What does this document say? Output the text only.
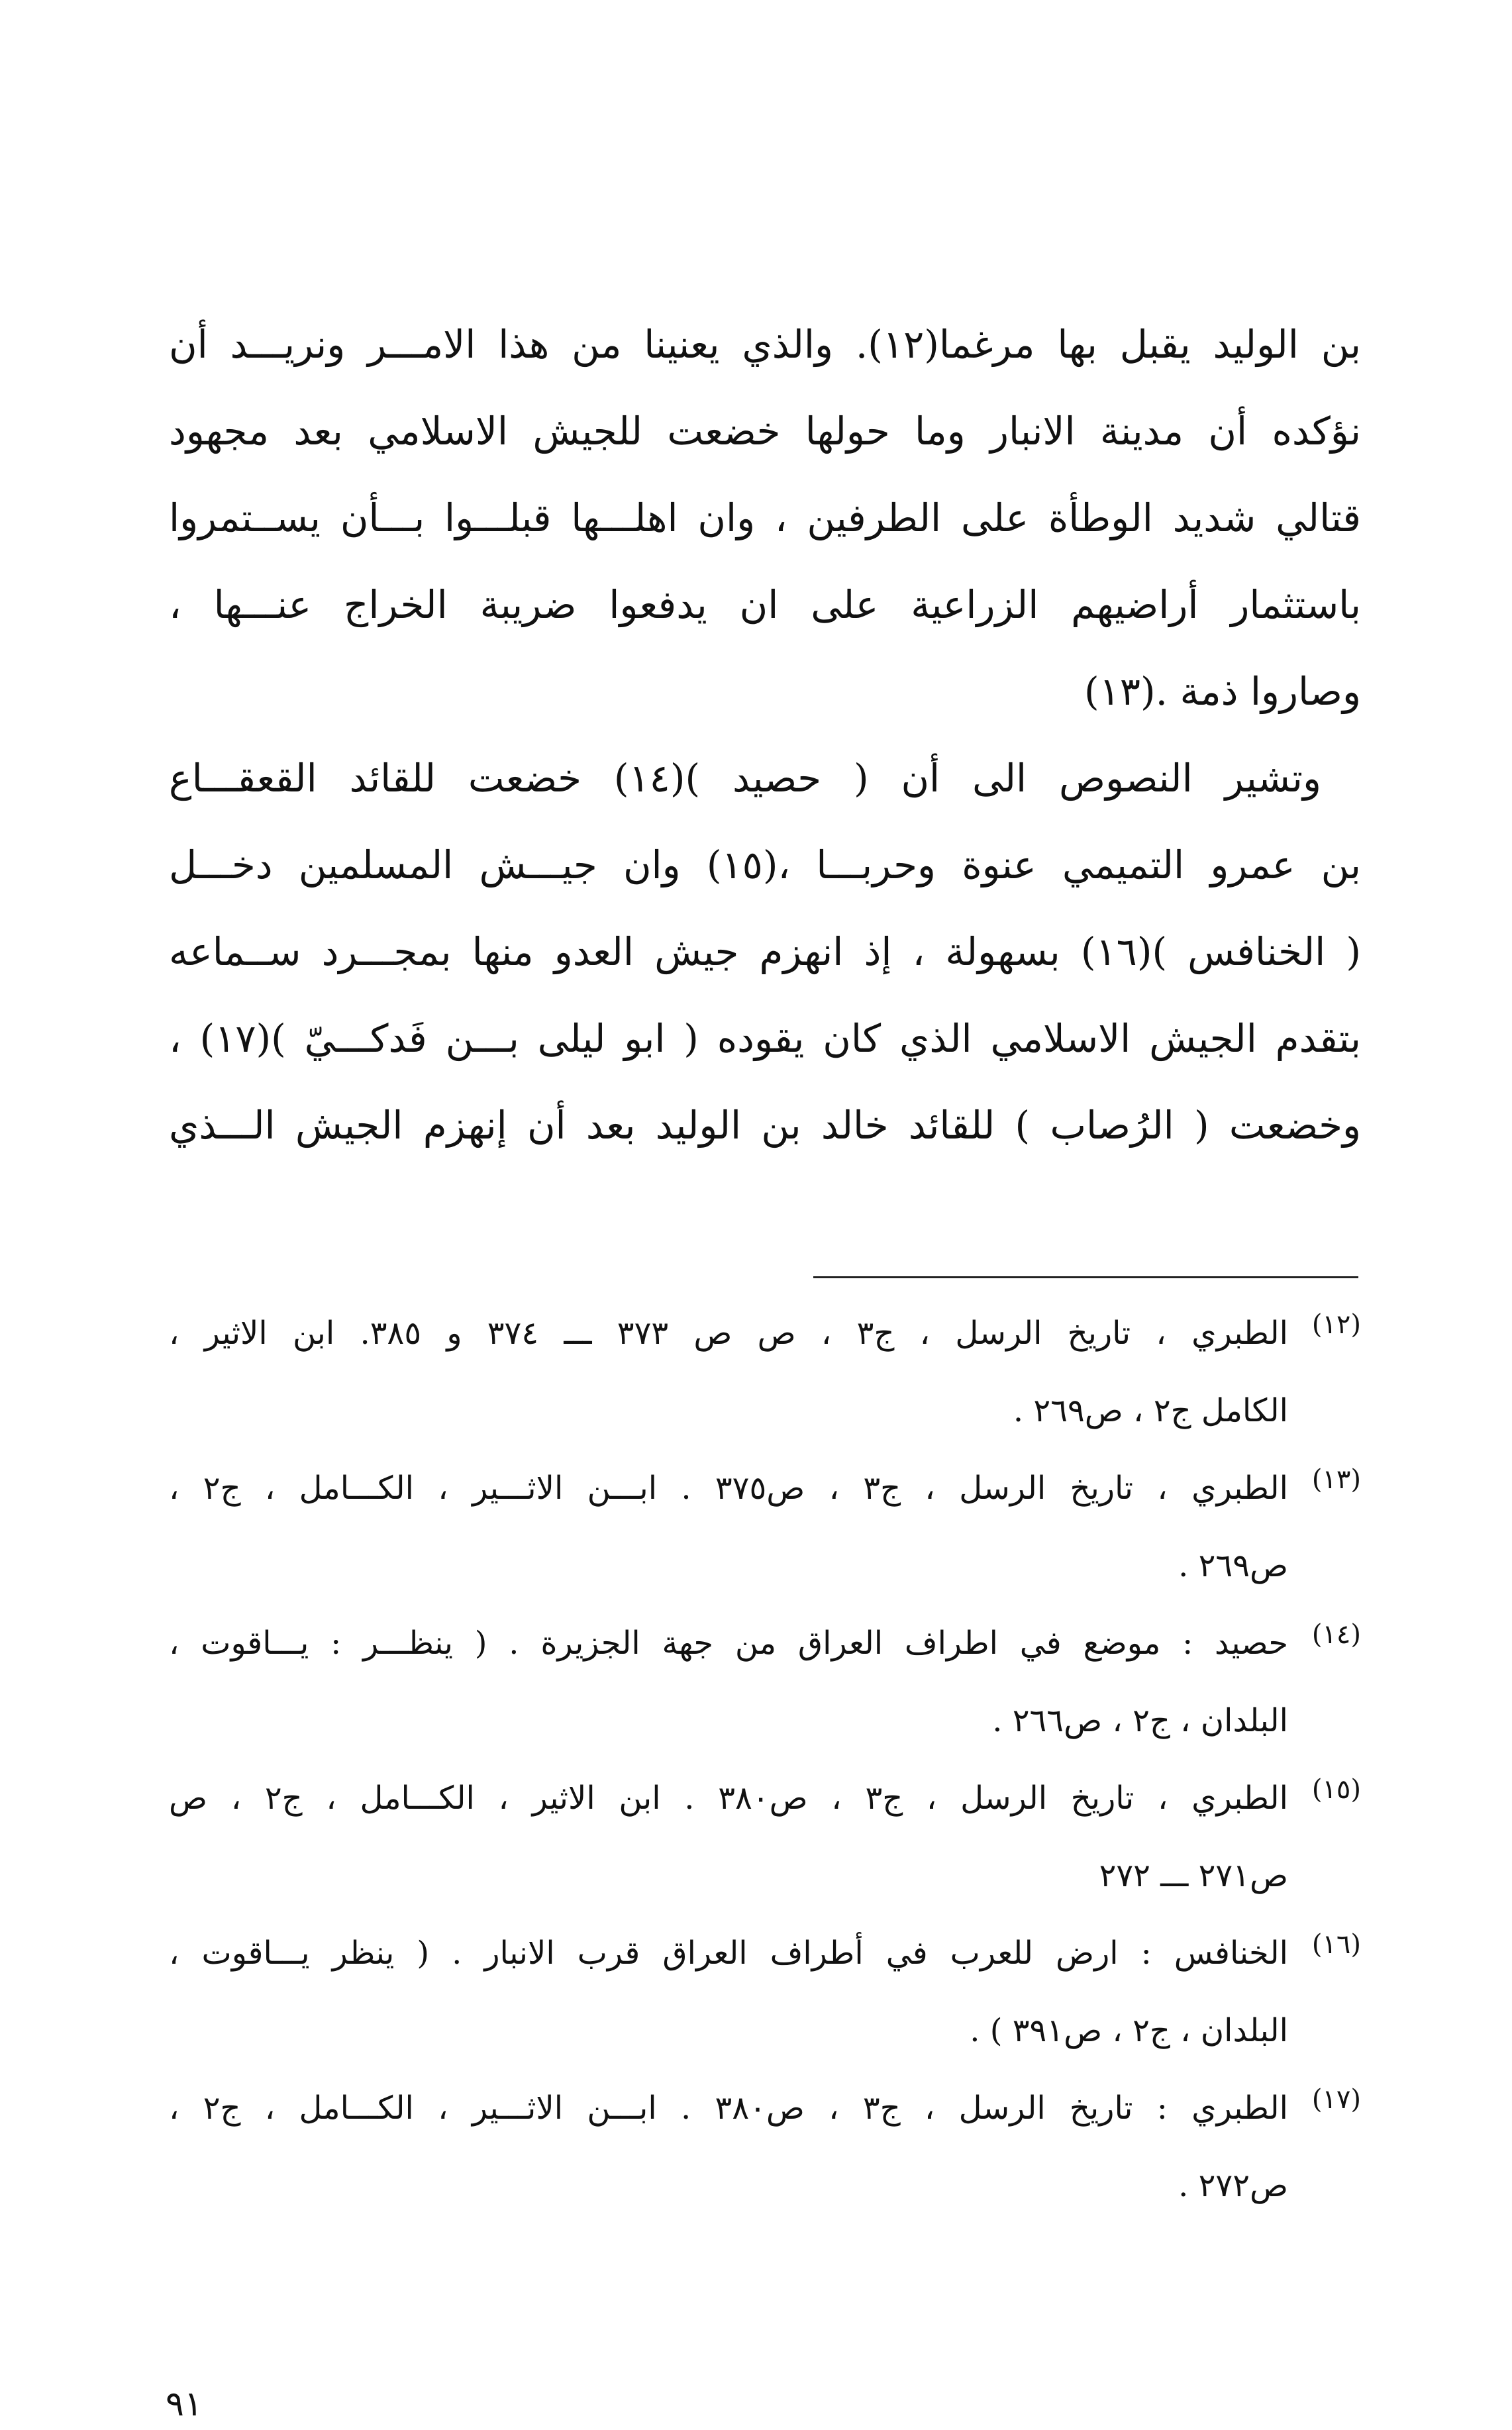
بن الوليد يقبل بها مرغما(١٢). والذي يعنينا من هذا الامـــر ونريـــد أن
نؤكده أن مدينة الانبار وما حولها خضعت للجيش الاسلامي بعد مجهود
قتالي شديد الوطأة على الطرفين ، وان اهلـــها قبلـــوا بـــأن يســتمروا
باستثمار أراضيهم الزراعية على ان يدفعوا ضريبة الخراج عنـــها ،
وصاروا ذمة .(١٣)
وتشير النصوص الى أن ( حصيد )(١٤) خضعت للقائد القعقـــاع
بن عمرو التميمي عنوة وحربـــا ،(١٥) وان جيـــش المسلمين دخـــل
( الخنافس )(١٦) بسهولة ، إذ انهزم جيش العدو منها بمجـــرد ســماعه
بتقدم الجيش الاسلامي الذي كان يقوده ( ابو ليلى بـــن فَدكـــيّ )(١٧) ،
وخضعت ( الرُصاب ) للقائد خالد بن الوليد بعد أن إنهزم الجيش الـــذي
(١٢)
الطبري ، تاريخ الرسل ، ج٣ ، ص ص ٣٧٣ ـــ ٣٧٤ و ٣٨٥. ابن الاثير ،
الكامل ج٢ ، ص٢٦٩ .
(١٣)
الطبري ، تاريخ الرسل ، ج٣ ، ص٣٧٥ . ابـــن الاثـــير ، الكـــامل ، ج٢ ،
ص٢٦٩ .
(١٤)
حصيد : موضع في اطراف العراق من جهة الجزيرة . ( ينظـــر : يـــاقوت ،
البلدان ، ج٢ ، ص٢٦٦ .
(١٥)
الطبري ، تاريخ الرسل ، ج٣ ، ص٣٨٠ . ابن الاثير ، الكـــامل ، ج٢ ، ص
ص٢٧١ ـــ ٢٧٢
(١٦)
الخنافس : ارض للعرب في أطراف العراق قرب الانبار . ( ينظر يـــاقوت ،
البلدان ، ج٢ ، ص٣٩١ ) .
(١٧)
الطبري : تاريخ الرسل ، ج٣ ، ص٣٨٠ . ابـــن الاثـــير ، الكـــامل ، ج٢ ،
ص٢٧٢ .
٩١
